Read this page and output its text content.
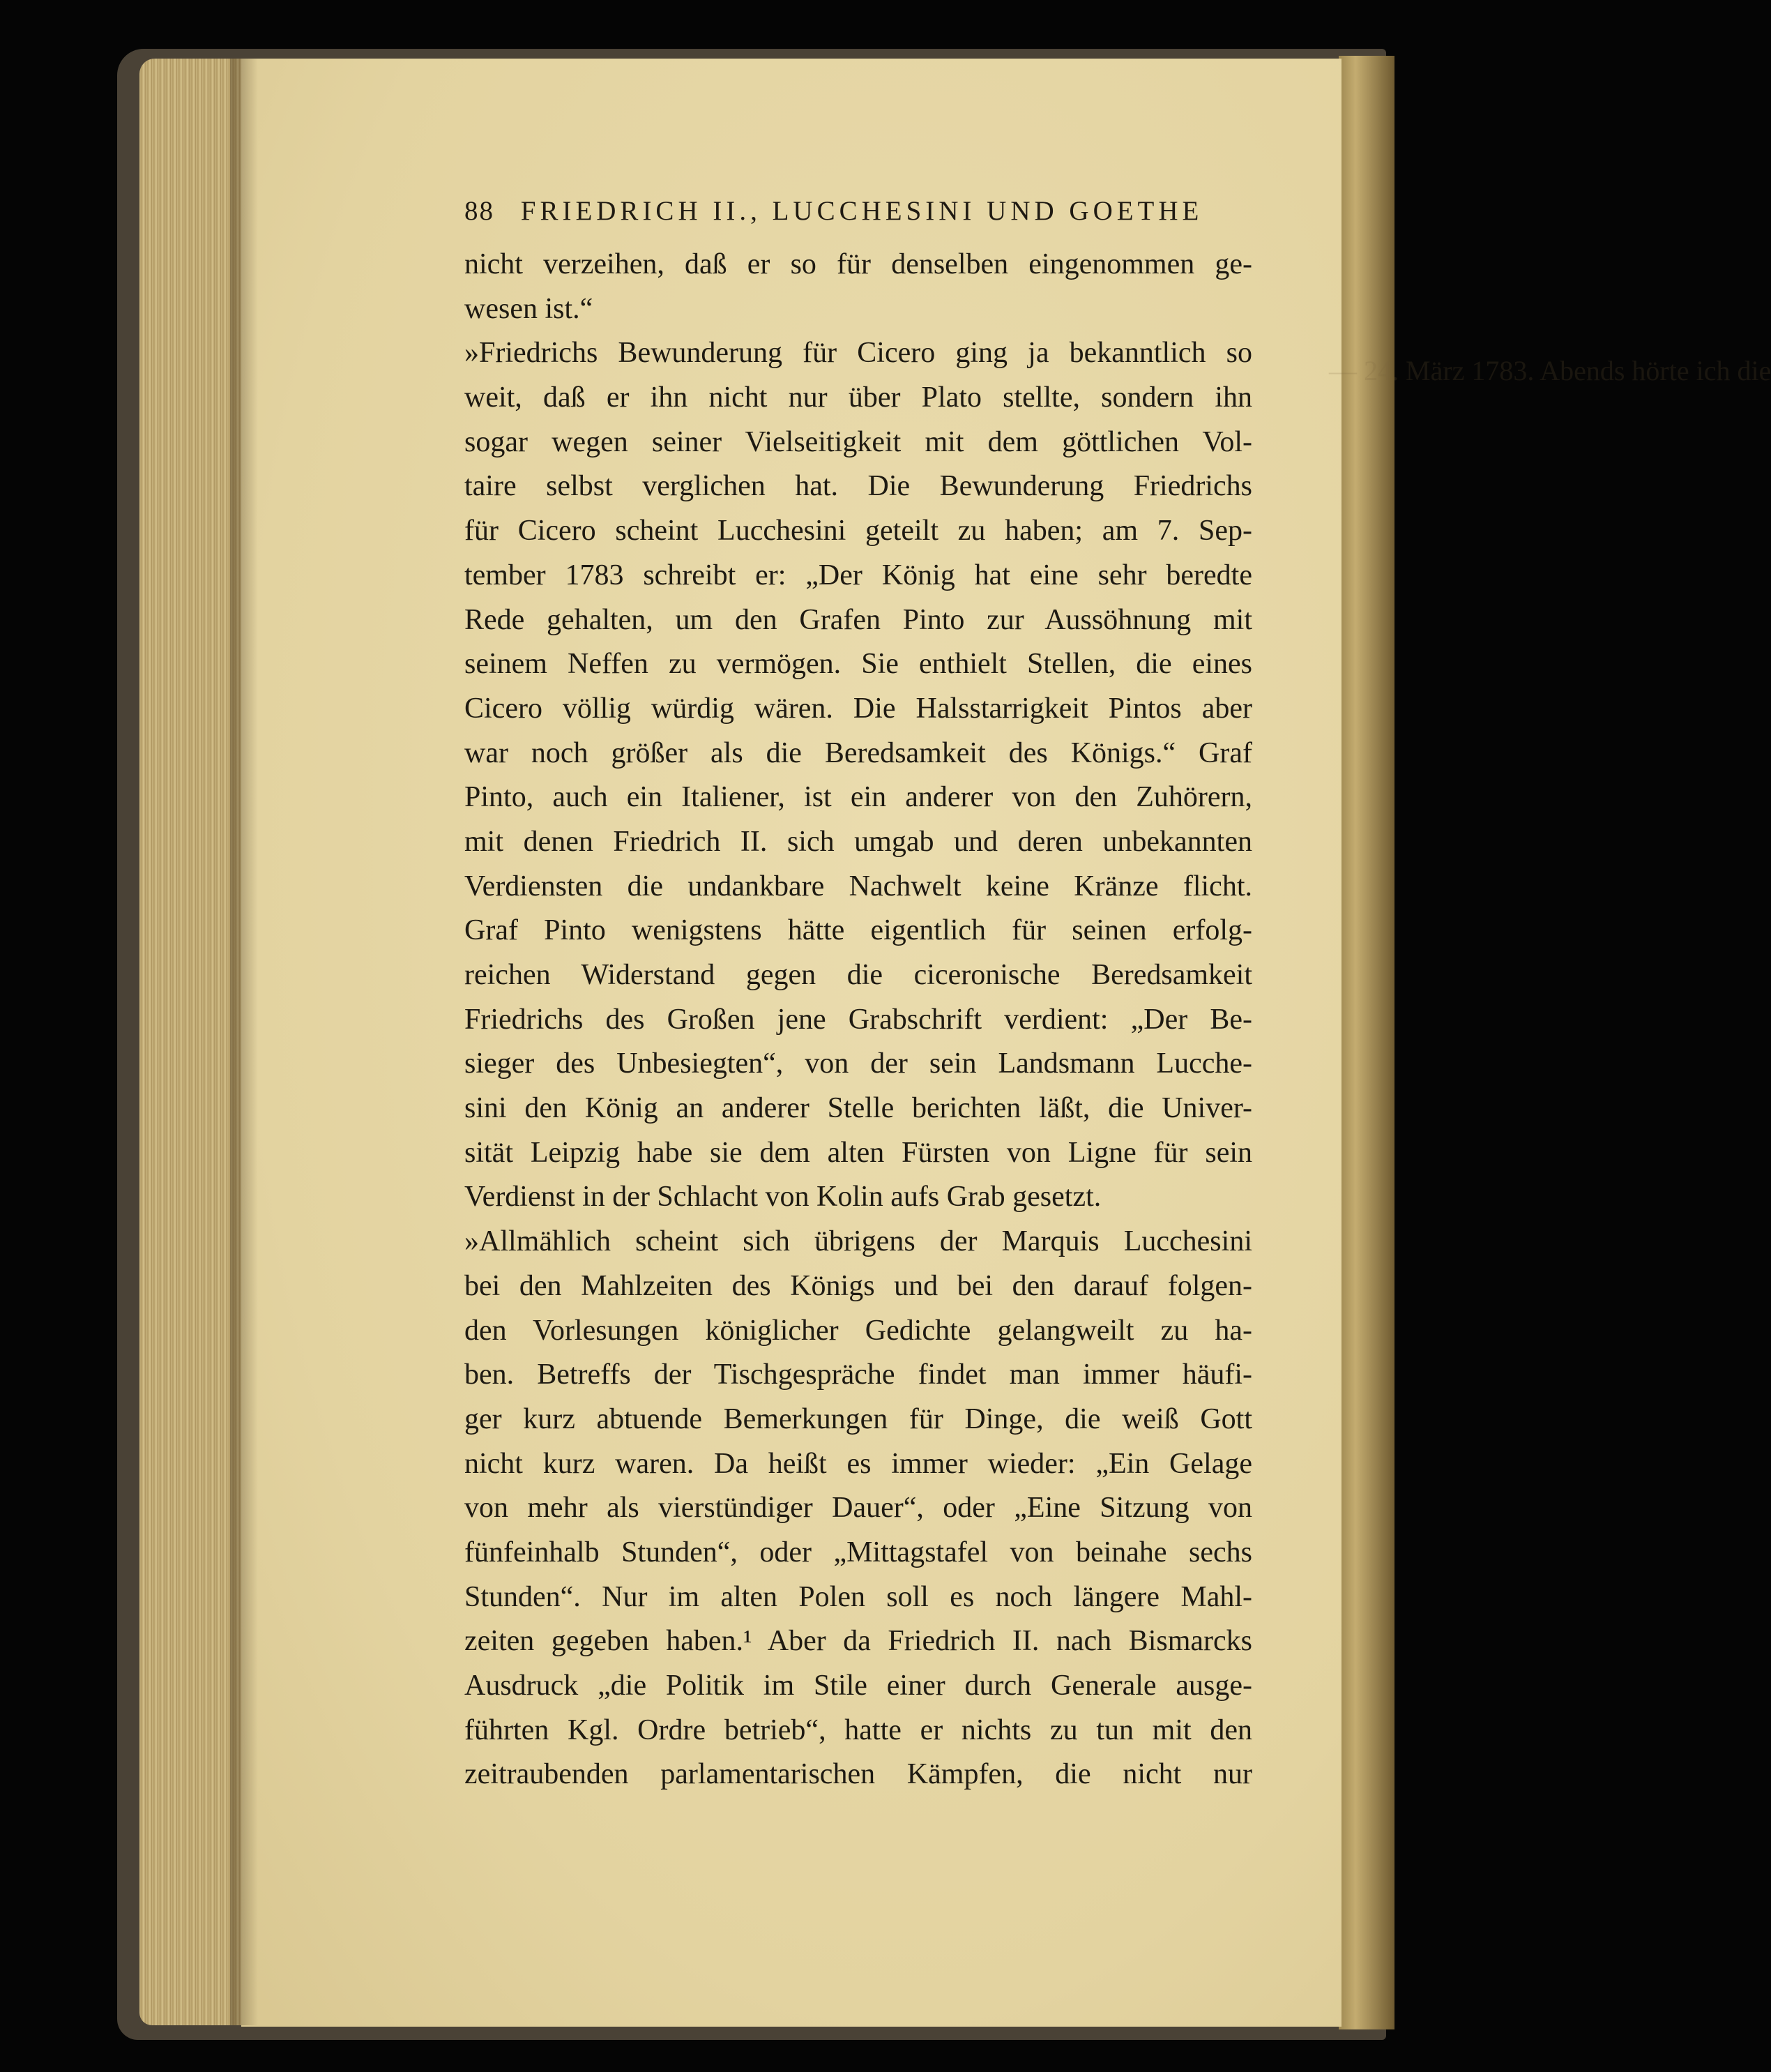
— 24. März 1783. Abends hörte ich die
88 FRIEDRICH II., LUCCHESINI UND GOETHE
nicht verzeihen, daß er so für denselben eingenommen ge-
wesen ist.“
»Friedrichs Bewunderung für Cicero ging ja bekanntlich so
weit, daß er ihn nicht nur über Plato stellte, sondern ihn
sogar wegen seiner Vielseitigkeit mit dem göttlichen Vol-
taire selbst verglichen hat. Die Bewunderung Friedrichs
für Cicero scheint Lucchesini geteilt zu haben; am 7. Sep-
tember 1783 schreibt er: „Der König hat eine sehr beredte
Rede gehalten, um den Grafen Pinto zur Aussöhnung mit
seinem Neffen zu vermögen. Sie enthielt Stellen, die eines
Cicero völlig würdig wären. Die Halsstarrigkeit Pintos aber
war noch größer als die Beredsamkeit des Königs.“ Graf
Pinto, auch ein Italiener, ist ein anderer von den Zuhörern,
mit denen Friedrich II. sich umgab und deren unbekannten
Verdiensten die undankbare Nachwelt keine Kränze flicht.
Graf Pinto wenigstens hätte eigentlich für seinen erfolg-
reichen Widerstand gegen die ciceronische Beredsamkeit
Friedrichs des Großen jene Grabschrift verdient: „Der Be-
sieger des Unbesiegten“, von der sein Landsmann Lucche-
sini den König an anderer Stelle berichten läßt, die Univer-
sität Leipzig habe sie dem alten Fürsten von Ligne für sein
Verdienst in der Schlacht von Kolin aufs Grab gesetzt.
»Allmählich scheint sich übrigens der Marquis Lucchesini
bei den Mahlzeiten des Königs und bei den darauf folgen-
den Vorlesungen königlicher Gedichte gelangweilt zu ha-
ben. Betreffs der Tischgespräche findet man immer häufi-
ger kurz abtuende Bemerkungen für Dinge, die weiß Gott
nicht kurz waren. Da heißt es immer wieder: „Ein Gelage
von mehr als vierstündiger Dauer“, oder „Eine Sitzung von
fünfeinhalb Stunden“, oder „Mittagstafel von beinahe sechs
Stunden“. Nur im alten Polen soll es noch längere Mahl-
zeiten gegeben haben.¹ Aber da Friedrich II. nach Bismarcks
Ausdruck „die Politik im Stile einer durch Generale ausge-
führten Kgl. Ordre betrieb“, hatte er nichts zu tun mit den
zeitraubenden parlamentarischen Kämpfen, die nicht nur
